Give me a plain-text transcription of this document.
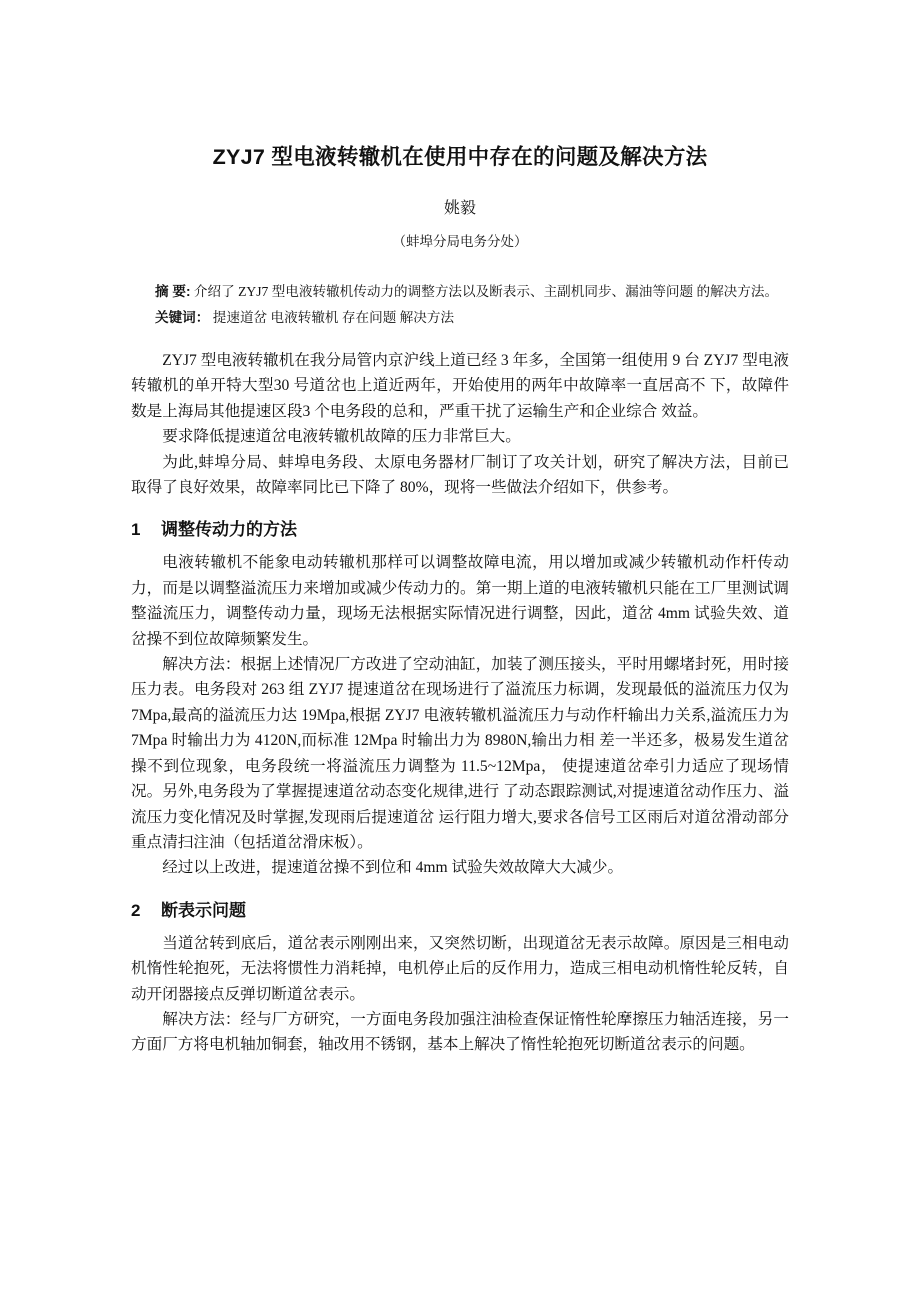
ZYJ7 型电液转辙机在使用中存在的问题及解决方法

姚毅

（蚌埠分局电务分处）

摘 要: 介绍了 ZYJ7 型电液转辙机传动力的调整方法以及断表示、主副机同步、漏油等问题 的解决方法。

关键词： 提速道岔 电液转辙机 存在问题 解决方法

ZYJ7 型电液转辙机在我分局管内京沪线上道已经 3 年多，全国第一组使用 9 台 ZYJ7 型电液转辙机的单开特大型30 号道岔也上道近两年，开始使用的两年中故障率一直居高不 下，故障件数是上海局其他提速区段3 个电务段的总和，严重干扰了运输生产和企业综合 效益。

要求降低提速道岔电液转辙机故障的压力非常巨大。

为此,蚌埠分局、蚌埠电务段、太原电务器材厂制订了攻关计划，研究了解决方法，目前已取得了良好效果，故障率同比已下降了 80%，现将一些做法介绍如下，供参考。

1	调整传动力的方法

电液转辙机不能象电动转辙机那样可以调整故障电流，用以增加或减少转辙机动作杆传动力，而是以调整溢流压力来增加或减少传动力的。第一期上道的电液转辙机只能在工厂里测试调整溢流压力，调整传动力量，现场无法根据实际情况进行调整，因此，道岔 4mm 试验失效、道岔操不到位故障频繁发生。

解决方法：根据上述情况厂方改进了空动油缸，加装了测压接头，平时用螺堵封死，用时接压力表。电务段对 263 组 ZYJ7 提速道岔在现场进行了溢流压力标调，发现最低的溢流压力仅为 7Mpa,最高的溢流压力达 19Mpa,根据 ZYJ7 电液转辙机溢流压力与动作杆输出力关系,溢流压力为 7Mpa 时输出力为 4120N,而标准 12Mpa 时输出力为 8980N,输出力相 差一半还多，极易发生道岔操不到位现象，电务段统一将溢流压力调整为 11.5~12Mpa， 使提速道岔牵引力适应了现场情况。另外,电务段为了掌握提速道岔动态变化规律,进行 了动态跟踪测试,对提速道岔动作压力、溢流压力变化情况及时掌握,发现雨后提速道岔 运行阻力增大,要求各信号工区雨后对道岔滑动部分重点清扫注油（包括道岔滑床板）。

经过以上改进，提速道岔操不到位和 4mm 试验失效故障大大减少。

2	断表示问题

当道岔转到底后，道岔表示刚刚出来，又突然切断，出现道岔无表示故障。原因是三相电动机惰性轮抱死，无法将惯性力消耗掉，电机停止后的反作用力，造成三相电动机惰性轮反转，自动开闭器接点反弹切断道岔表示。

解决方法：经与厂方研究，一方面电务段加强注油检查保证惰性轮摩擦压力轴活连接，另一方面厂方将电机轴加铜套，轴改用不锈钢，基本上解决了惰性轮抱死切断道岔表示的问题。
